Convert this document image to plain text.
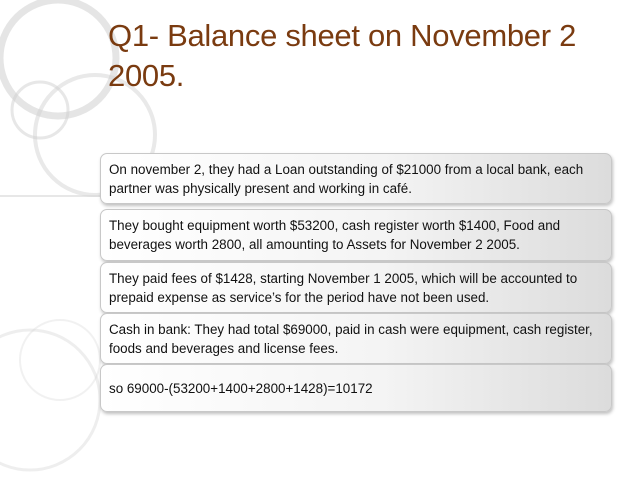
Q1- Balance sheet on November 2 2005.
On november 2, they had a Loan outstanding of $21000 from a local bank, each partner was physically present and working in café.
They bought equipment worth $53200, cash register worth $1400, Food and beverages worth 2800, all amounting to Assets for November 2 2005.
They paid fees of $1428, starting November 1 2005, which will be accounted to prepaid expense as service’s for the period have not been used.
Cash in bank: They had total $69000, paid in cash were equipment, cash register, foods and beverages and license fees.
so 69000-(53200+1400+2800+1428)=10172
